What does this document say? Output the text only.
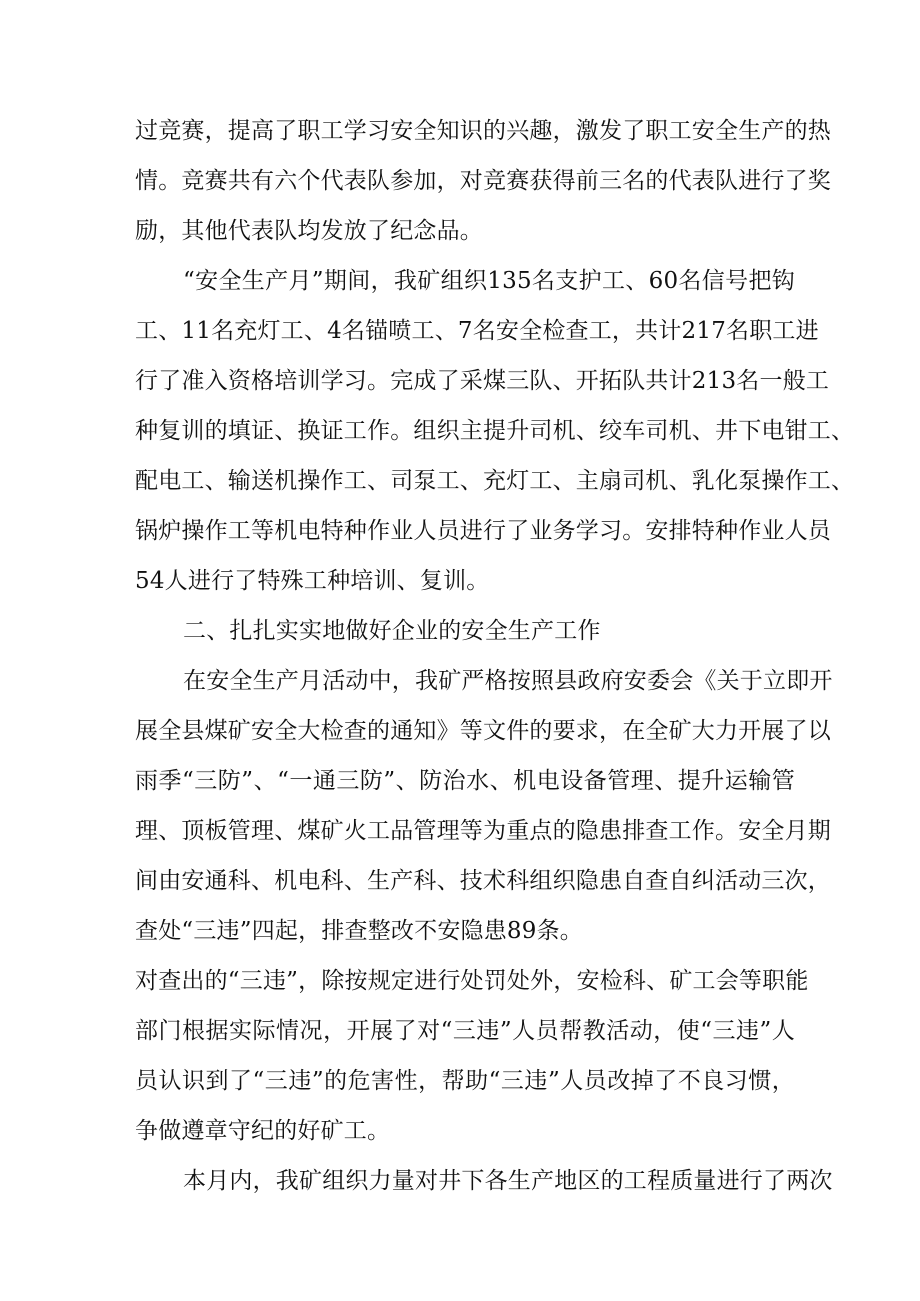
过竞赛，提高了职工学习安全知识的兴趣，激发了职工安全生产的热
情。竞赛共有六个代表队参加，对竞赛获得前三名的代表队进行了奖
励，其他代表队均发放了纪念品。
“安全生产月”期间，我矿组织135名支护工、60名信号把钩
工、11名充灯工、4名锚喷工、7名安全检查工，共计217名职工进
行了准入资格培训学习。完成了采煤三队、开拓队共计213名一般工
种复训的填证、换证工作。组织主提升司机、绞车司机、井下电钳工、
配电工、输送机操作工、司泵工、充灯工、主扇司机、乳化泵操作工、
锅炉操作工等机电特种作业人员进行了业务学习。安排特种作业人员
54人进行了特殊工种培训、复训。
二、扎扎实实地做好企业的安全生产工作
在安全生产月活动中，我矿严格按照县政府安委会《关于立即开
展全县煤矿安全大检查的通知》等文件的要求，在全矿大力开展了以
雨季“三防”、“一通三防”、防治水、机电设备管理、提升运输管
理、顶板管理、煤矿火工品管理等为重点的隐患排查工作。安全月期
间由安通科、机电科、生产科、技术科组织隐患自查自纠活动三次，
查处“三违”四起，排查整改不安隐患89条。
对查出的“三违”，除按规定进行处罚处外，安检科、矿工会等职能
部门根据实际情况，开展了对“三违”人员帮教活动，使“三违”人
员认识到了“三违”的危害性，帮助“三违”人员改掉了不良习惯，
争做遵章守纪的好矿工。
本月内，我矿组织力量对井下各生产地区的工程质量进行了两次
